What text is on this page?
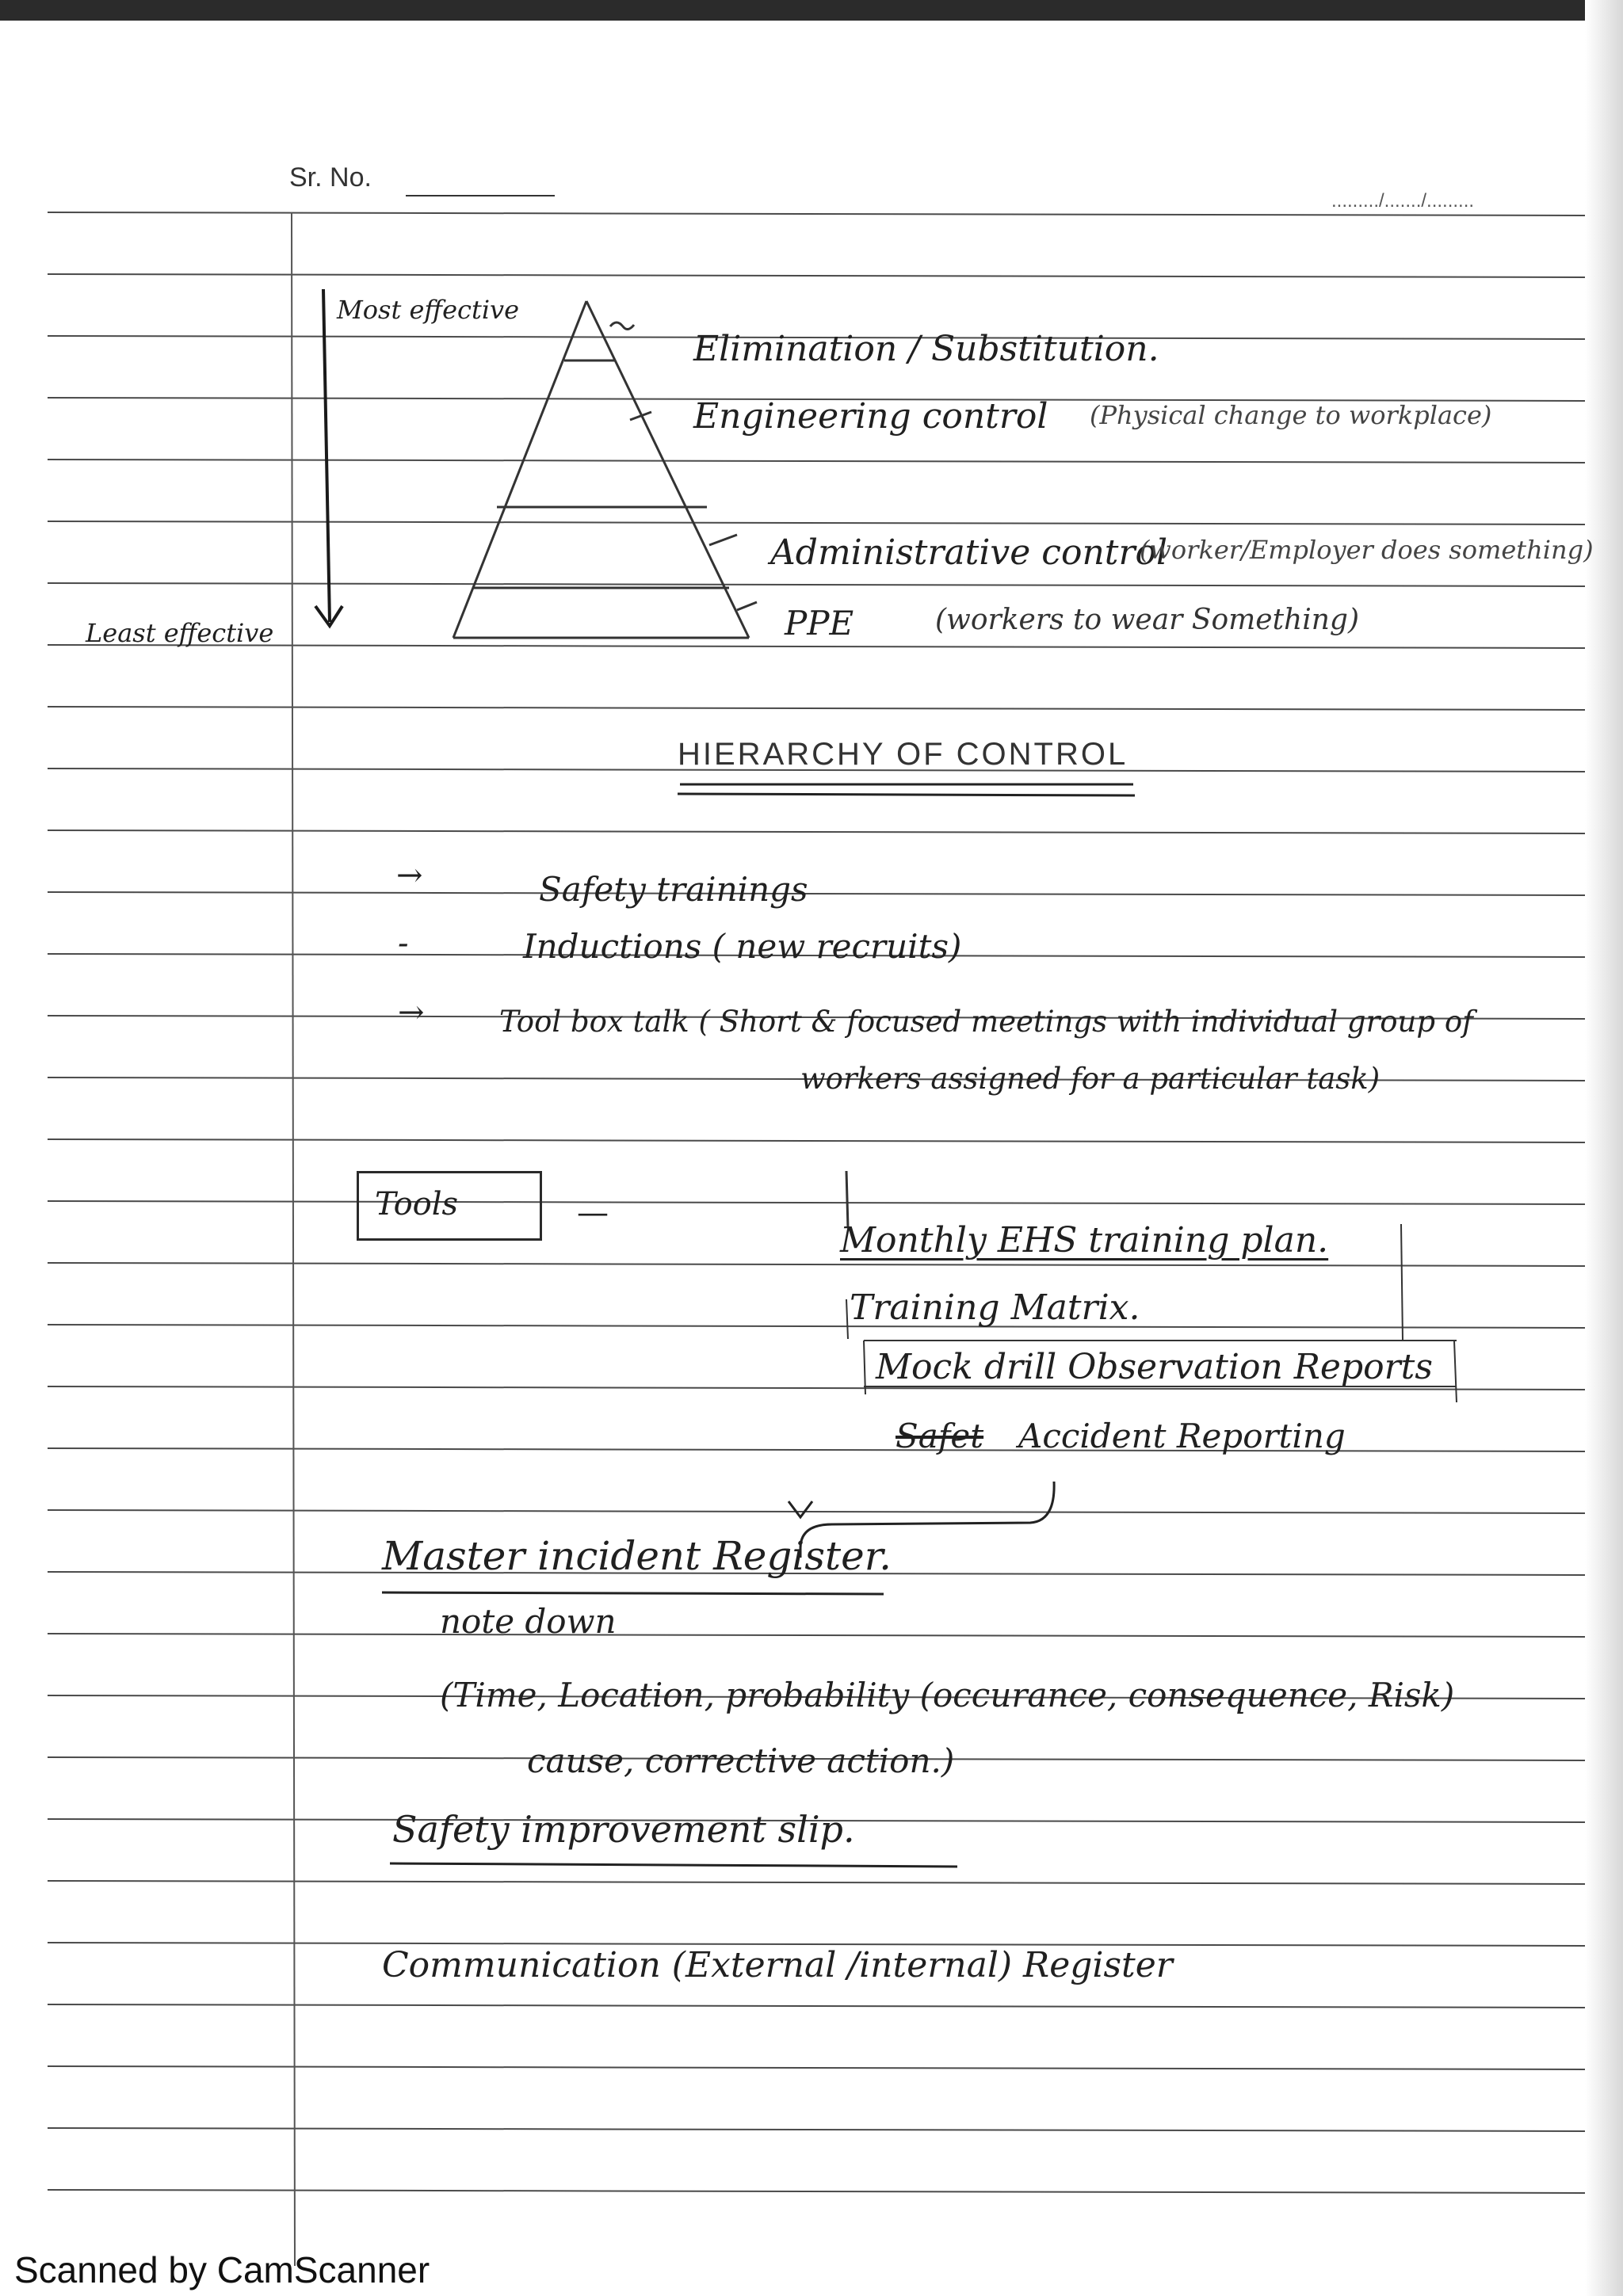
Sr. No.
........./......./.........
Most effective
Least effective
Elimination / Substitution.
Engineering control (Physical change to workplace)
Administrative control
(worker/Employer does something)
PPE	(workers to wear Something)
HIERARCHY OF CONTROL
→	Safety trainings
-	Inductions ( new recruits)
→	Tool box talk ( Short & focused meetings with individual group of
workers assigned for a particular task)
Tools	—
Monthly EHS training plan.
Training Matrix.
Mock drill Observation Reports
Safet Accident Reporting
Master incident Register.
note down
(Time, Location, probability (occurance, consequence, Risk)
cause, corrective action.)
Safety improvement slip.
Communication (External /internal) Register
Scanned by CamScanner
